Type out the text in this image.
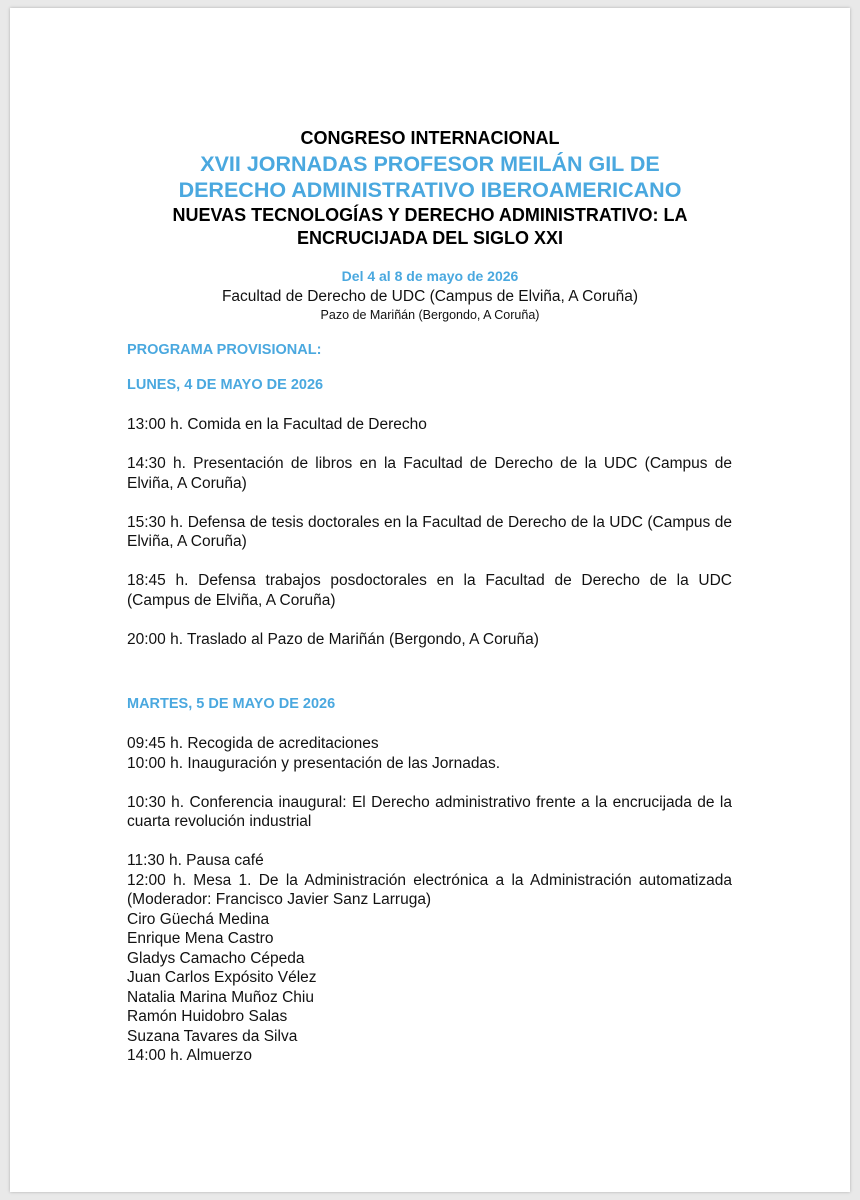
CONGRESO INTERNACIONAL
XVII JORNADAS PROFESOR MEILÁN GIL DE
DERECHO ADMINISTRATIVO IBEROAMERICANO
NUEVAS TECNOLOGÍAS Y DERECHO ADMINISTRATIVO: LA
ENCRUCIJADA DEL SIGLO XXI
Del 4 al 8 de mayo de 2026
Facultad de Derecho de UDC (Campus de Elviña, A Coruña)
Pazo de Mariñán (Bergondo, A Coruña)
PROGRAMA PROVISIONAL:
LUNES, 4 DE MAYO DE 2026
13:00 h. Comida en la Facultad de Derecho
14:30 h. Presentación de libros en la Facultad de Derecho de la UDC (Campus de Elviña, A Coruña)
15:30 h. Defensa de tesis doctorales en la Facultad de Derecho de la UDC (Campus de Elviña, A Coruña)
18:45 h. Defensa trabajos posdoctorales en la Facultad de Derecho de la UDC (Campus de Elviña, A Coruña)
20:00 h. Traslado al Pazo de Mariñán (Bergondo, A Coruña)
MARTES, 5 DE MAYO DE 2026
09:45 h. Recogida de acreditaciones
10:00 h. Inauguración y presentación de las Jornadas.
10:30 h. Conferencia inaugural: El Derecho administrativo frente a la encrucijada de la cuarta revolución industrial
11:30 h. Pausa café
12:00 h. Mesa 1. De la Administración electrónica a la Administración automatizada (Moderador: Francisco Javier Sanz Larruga)
Ciro Güechá Medina
Enrique Mena Castro
Gladys Camacho Cépeda
Juan Carlos Expósito Vélez
Natalia Marina Muñoz Chiu
Ramón Huidobro Salas
Suzana Tavares da Silva
14:00 h. Almuerzo
